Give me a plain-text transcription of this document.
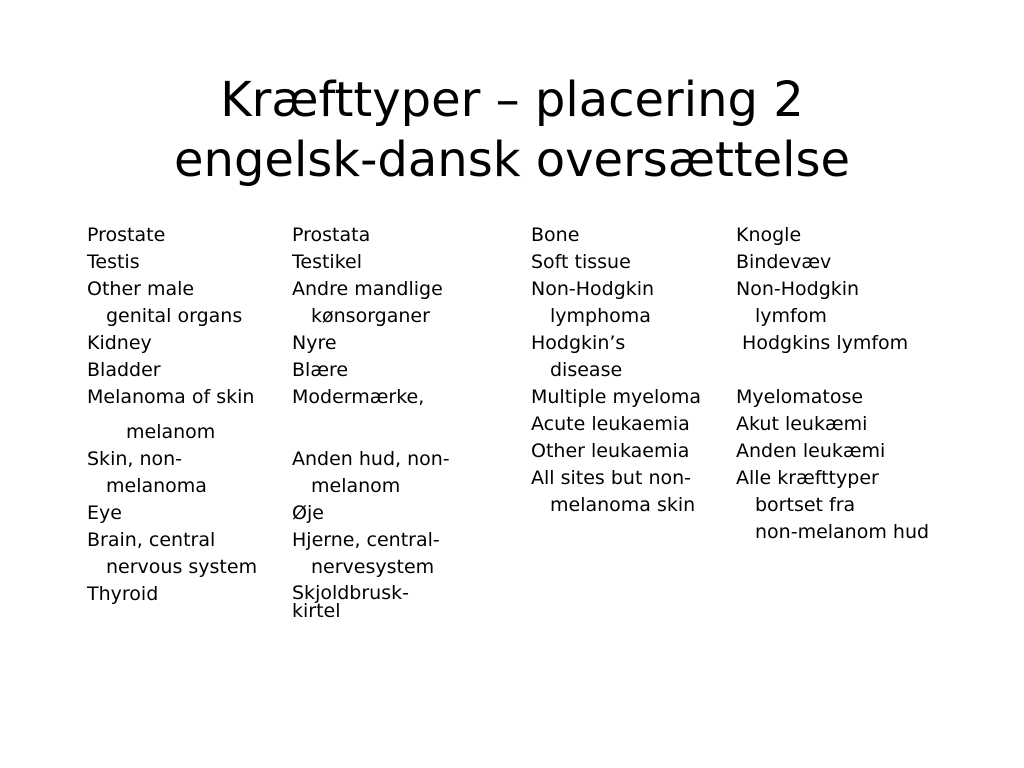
Kræfttyper – placering 2
engelsk-dansk oversættelse
Prostate
Testis
Other male
genital organs
Kidney
Bladder
Melanoma of skin
Skin, non-
melanoma
Eye
Brain, central
nervous system
Thyroid
Prostata
Testikel
Andre mandlige
kønsorganer
Nyre
Blære
Modermærke,
melanom
Anden hud, non-
melanom
Øje
Hjerne, central-
nervesystem
Skjoldbrusk-
kirtel
Bone
Soft tissue
Non-Hodgkin
lymphoma
Hodgkin’s
disease
Multiple myeloma
Acute leukaemia
Other leukaemia
All sites but non-
melanoma skin
Knogle
Bindevæv
Non-Hodgkin
lymfom
Hodgkins lymfom
Myelomatose
Akut leukæmi
Anden leukæmi
Alle kræfttyper
bortset fra
non-melanom hud
